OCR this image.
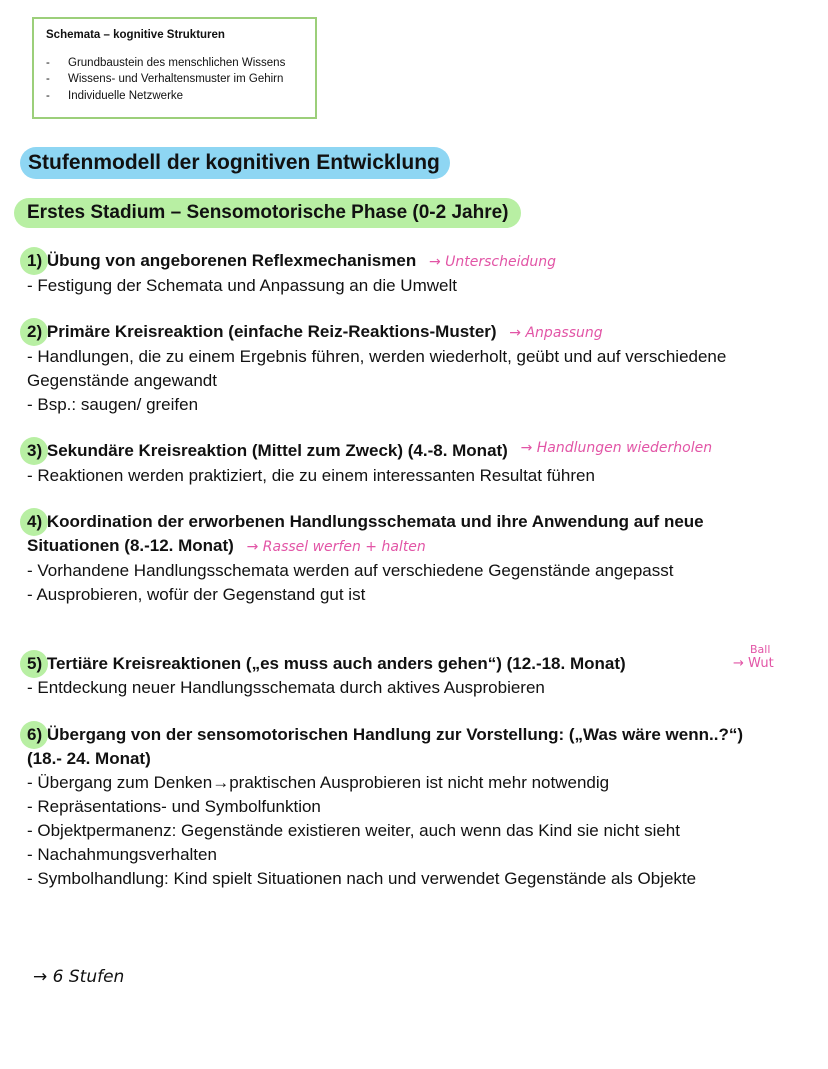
Schemata – kognitive Strukturen
- Grundbaustein des menschlichen Wissens
- Wissens- und Verhaltensmuster im Gehirn
- Individuelle Netzwerke
Stufenmodell der kognitiven Entwicklung
Erstes Stadium – Sensomotorische Phase (0-2 Jahre)
1) Übung von angeborenen Reflexmechanismen → Unterscheidung
- Festigung der Schemata und Anpassung an die Umwelt
2) Primäre Kreisreaktion (einfache Reiz-Reaktions-Muster) → Anpassung
- Handlungen, die zu einem Ergebnis führen, werden wiederholt, geübt und auf verschiedene Gegenstände angewandt
- Bsp.: saugen/ greifen
3) Sekundäre Kreisreaktion (Mittel zum Zweck) (4.-8. Monat) $^{\to Handlungen wiederholen}$
- Reaktionen werden praktiziert, die zu einem interessanten Resultat führen
4) Koordination der erworbenen Handlungsschemata und ihre Anwendung auf neue Situationen (8.-12. Monat) → Rassel werfen + halten
- Vorhandene Handlungsschemata werden auf verschiedene Gegenstände angepasst
- Ausprobieren, wofür der Gegenstand gut ist
5) Tertiäre Kreisreaktionen („es muss auch anders gehen“) (12.-18. Monat)
- Entdeckung neuer Handlungsschemata durch aktives Ausprobieren
Ball
→ Wut
6) Übergang von der sensomotorischen Handlung zur Vorstellung: („Was wäre wenn..?“) (18.- 24. Monat)
- Übergang zum Denken→praktischen Ausprobieren ist nicht mehr notwendig
- Repräsentations- und Symbolfunktion
- Objektpermanenz: Gegenstände existieren weiter, auch wenn das Kind sie nicht sieht
- Nachahmungsverhalten
- Symbolhandlung: Kind spielt Situationen nach und verwendet Gegenstände als Objekte
→ 6 Stufen
